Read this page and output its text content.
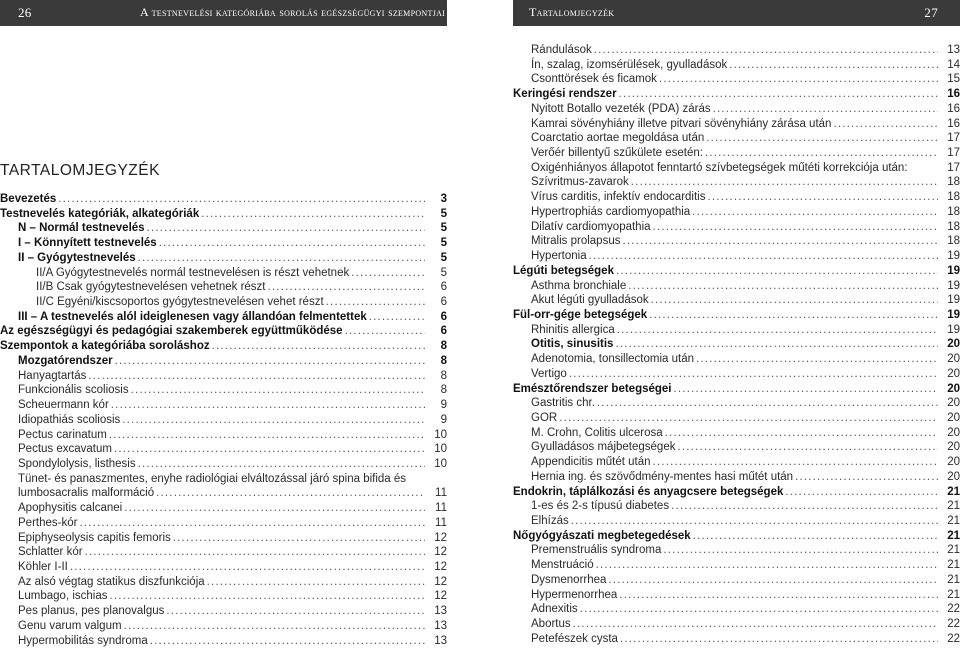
26	A testnevelési kategóriába sorolás egészségügyi szempontjai
TARTALOMJEGYZÉK
Bevezetés .....	3
Testnevelés kategóriák, alkategóriák .....	5
N – Normál testnevelés .....	5
I – Könnyített testnevelés .....	5
II – Gyógytestnevelés .....	5
II/A Gyógytestnevelés normál testnevelésen is részt vehetnek .....	5
II/B Csak gyógytestnevelésen vehetnek részt .....	6
II/C Egyéni/kiscsoportos gyógytestnevelésen vehet részt .....	6
III – A testnevelés alól ideiglenesen vagy állandóan felmentettek .....	6
Az egészségügyi és pedagógiai szakemberek együttműködése .....	6
Szempontok a kategóriába soroláshoz .....	8
Mozgatórendszer .....	8
Hanyagtartás .....	8
Funkcionális scoliosis .....	8
Scheuermann kór .....	9
Idiopathiás scoliosis .....	9
Pectus carinatum .....	10
Pectus excavatum .....	10
Spondylolysis, listhesis .....	10
Tünet- és panaszmentes, enyhe radiológiai elváltozással járó spina bifida és
lumbosacralis malformáció .....	11
Apophysitis calcanei .....	11
Perthes-kór .....	11
Epiphyseolysis capitis femoris .....	12
Schlatter kór .....	12
Köhler I-II .....	12
Az alsó végtag statikus diszfunkciója .....	12
Lumbago, ischias .....	12
Pes planus, pes planovalgus .....	13
Genu varum valgum .....	13
Hypermobilitás syndroma .....	13
Tartalomjegyzék	27
Rándulások .....	13
Ín, szalag, izomsérülések, gyulladások .....	14
Csonttörések és ficamok .....	15
Keringési rendszer .....	16
Nyitott Botallo vezeték (PDA) zárás .....	16
Kamrai sövényhiány illetve pitvari sövényhiány zárása után .....	16
Coarctatio aortae megoldása után .....	17
Verőér billentyű szűkülete esetén: .....	17
Oxigénhiányos állapotot fenntartó szívbetegségek műtéti korrekciója után:	17
Szívritmus-zavarok .....	18
Vírus carditis, infektív endocarditis .....	18
Hypertrophiás cardiomyopathia .....	18
Dilatív cardiomyopathia .....	18
Mitralis prolapsus .....	18
Hypertonia .....	19
Légúti betegségek .....	19
Asthma bronchiale .....	19
Akut légúti gyulladások .....	19
Fül-orr-gége betegségek .....	19
Rhinitis allergica .....	19
Otitis, sinusitis .....	20
Adenotomia, tonsillectomia után .....	20
Vertigo .....	20
Emésztőrendszer betegségei .....	20
Gastritis chr. .....	20
GOR .....	20
M. Crohn, Colitis ulcerosa .....	20
Gyulladásos májbetegségek .....	20
Appendicitis műtét után .....	20
Hernia ing. és szövődmény-mentes hasi műtét után .....	20
Endokrin, táplálkozási és anyagcsere betegségek .....	21
1-es és 2-s típusú diabetes .....	21
Elhízás .....	21
Nőgyógyászati megbetegedések .....	21
Premenstruális syndroma .....	21
Menstruáció .....	21
Dysmenorrhea .....	21
Hypermenorrhea .....	21
Adnexitis .....	22
Abortus .....	22
Petefészek cysta .....	22
